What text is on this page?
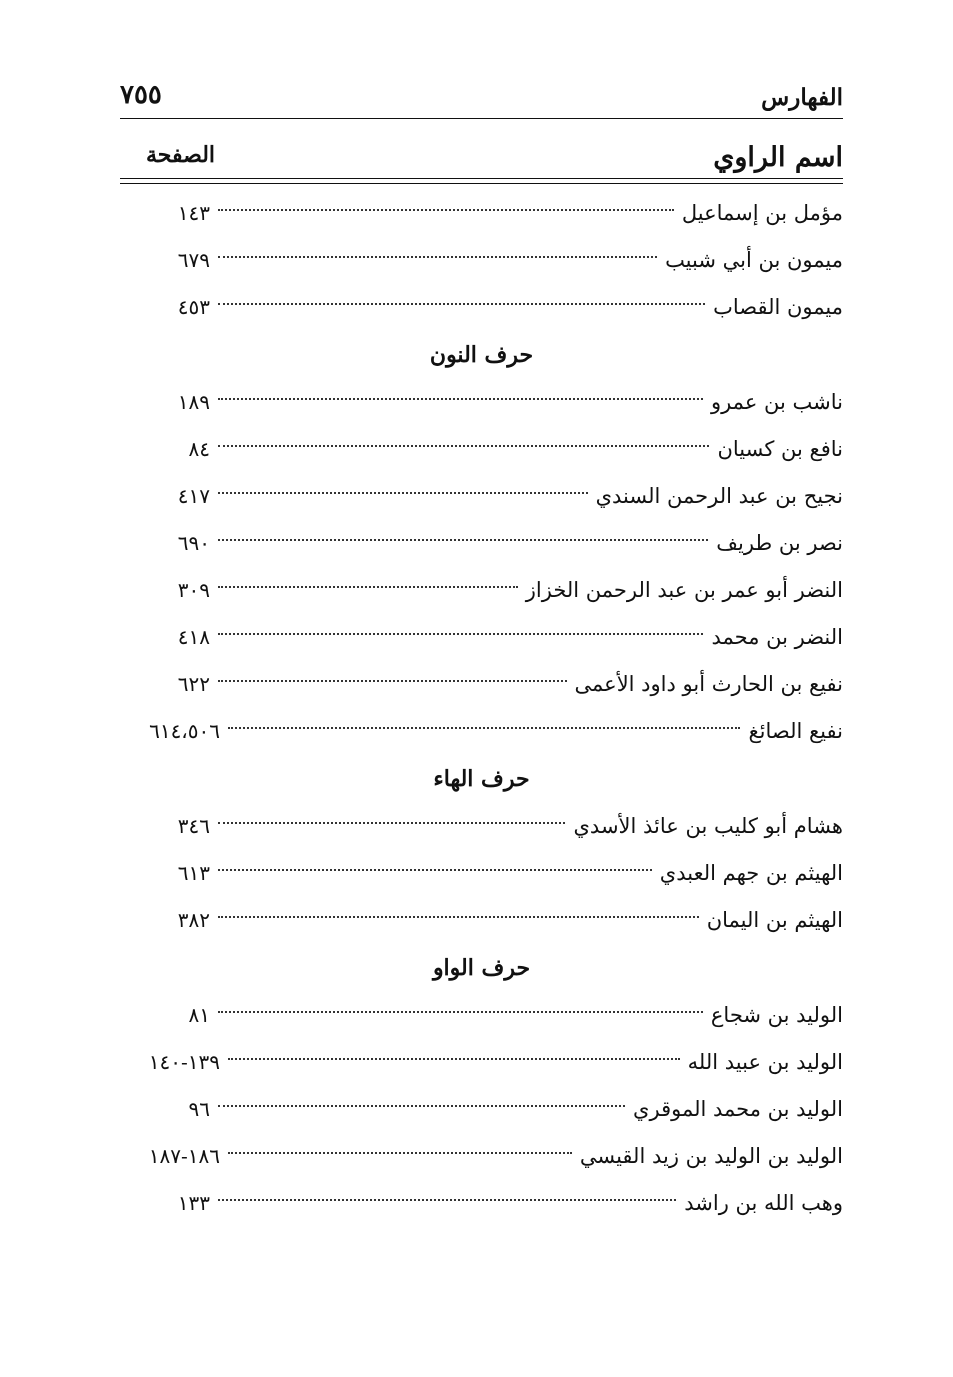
الفهارس
٧٥٥
اسم الراوي
الصفحة
مؤمل بن إسماعيل
١٤٣
ميمون بن أبي شبيب
٦٧٩
ميمون القصاب
٤٥٣
حرف النون
ناشب بن عمرو
١٨٩
نافع بن كسيان
٨٤
نجيح بن عبد الرحمن السندي
٤١٧
نصر بن طريف
٦٩٠
النضر أبو عمر بن عبد الرحمن الخزاز
٣٠٩
النضر بن محمد
٤١٨
نفيع بن الحارث أبو داود الأعمى
٦٢٢
نفيع الصائغ
٦١٤،٥٠٦
حرف الهاء
هشام أبو كليب بن عائذ الأسدي
٣٤٦
الهيثم بن جهم العبدي
٦١٣
الهيثم بن اليمان
٣٨٢
حرف الواو
الوليد بن شجاع
٨١
الوليد بن عبيد الله
١٣٩-١٤٠
الوليد بن محمد الموقري
٩٦
الوليد بن الوليد بن زيد القيسي
١٨٦-١٨٧
وهب الله بن راشد
١٣٣
